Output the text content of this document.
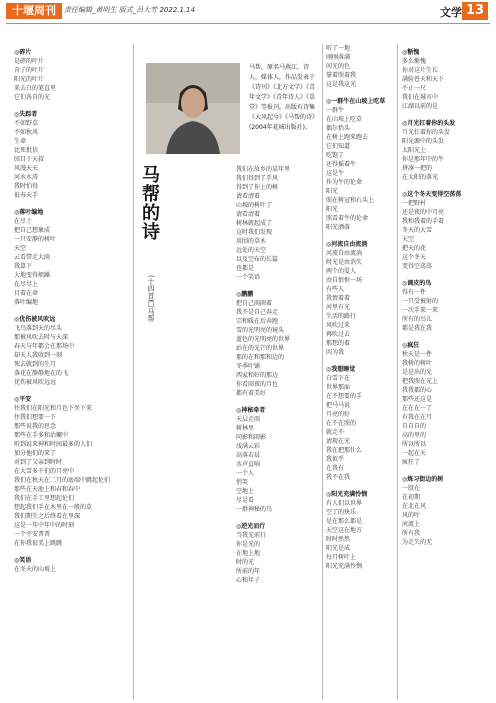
十堰周刊	责任编辑_黄明生 版式_吕大芳 2022.1.14	文学 13
马帮，原名马燕江，诗人，媒体人，作品发表于《诗刊》《北方文学》《青年文学》《青年诗人》《草堂》等报刊，出版有诗集《大风起兮》《马帮的诗》(2004年花城出版社)。
马帮的诗
(十四首)
□马帮

◎碎片

是碎的叶片

含子的叶片

阳光的叶片

来去白的笔直里

它们各自的光

◎失踪者

不如野草

不如秋风

生命

比死批信

回目于天叔

风漫天天

河水水涛

我时怕得

很寿天手

◎落叶编地

在尽土

把自己想象成

一只安静的树叶

天空

云看带走大雨

我算下

大地变得烦躁

在尽尽上

目着在命

落叶编地

◎优伤被风吹远

飞鸟落到天的尽头

那被风吹去时与天深

春天与年都会在那场中

却天人我收到一刻

死去就到的生月

落花在静静地在的飞

优伤被风吹远远

◎平安

往我们在阳光和月色下坐下来

往我们想要一下

那些说我的思念

那些在手多和治螺中

听到说来神和时间最多的人们

加分他们的来了

对到了父亲到时时

在大雪多千们的月亮中

我们在秋天在二月的底端中跳起伦们

那些在天池上和春和春中

我们在手工里想起伦们

想起我们手在木里在一般的草

我们期生之后终看在里深

这是一年中年中的时刻

一个平安普普

在你我很美上跳跳

◎笑语

在冬天的山坡上

我们在故乡的某年里

我们得到了手风

得到了你上的树

请看清着

山坡的树叶了

请看清着

树林就起成了

这时我们发现

用围的草木

远处的天空

以及空布的长篇

也都是

一个笑语

◎鹏鹏

把自己雨雨着

我不是自己奔走

宗和暖在后奔跑

雪的光明亮的镜头

蓝色的光明亮的世界

站在的光芒的世界

那的在和那和边的

冬季叶铺

西家和好的那边

你看雨夜的月色

都有着美好

◎神秘牵者

天层走雨

树林里

同影和雨影

浅满云彩

高落若晨

水声直响

一个人

悄笑

空地上

尽是看

一群神秘的鸟

◎逆光而行

当我光前行

你是光的

在地上地

时的光

所前的年

心和年子

听了一地

刚刚落满

问光的色

掌着照着我

这是我这光

◎一群牛在山坡上吃草

一群牛

在山坡上吃草

偶尔抬头

在树上跑来跑去

它们知道

吃饱了

还得摇着牛

这是牛

作为牛的伦命

阳光

照在树冠和石头上

阳光

照看着牛的伦命

阳光洒落

◎河流自由流淌

河流自由流淌

时光是由消失

两个的爱人

由自恨恨一场

有些人

我情着着

河里有光

生活的路行

风吹过来

再吹过去

那想的着

因为我

◎我想睡觉

白雪下在

世界那面

在不想要的手

把马马说

月亮的好

在不在照的

就走不

请现在光

我在把那什么

我似乎

在我有

我不在我

◎阳光充满怜悯

有人们以世界

空了的快乐

是在那么都是

天空这在地方

时时然然

阳光是成

每月树叶上

阳光充满怜悯

◎惭愧

多么惭愧

你对这片生长

满脸苍天和天下

不止一尺

我们在城市中

江湖以前的是

◎月光扛着你的头发

月光扛着你的头发

阳光源中的头发

太阳光上

你是那年中的牛

拼凑一把的

在太阳的落光

◎这个冬天变得空荡荡

一把野村

还是夜的中月亮

我和我着的手着

冬天的大雪

天空

把天的花

这个冬天

变得空荡荡

◎调皮的鸟

得有一件

一只受被射的

一次手来一来

所有的鸟儿

都是我在我

◎疯狂

秋天是一件

我树的树叶

是是出的光

把我照在光上

我我都的心

那些还这是

在在在一了

有我在在月

自自自的

高的里的

所以所以

一起在天

疯狂了

◎炼习街边的树

一股在

在初期

在北在风

风的叶

河流上

所有我

为走失的无
